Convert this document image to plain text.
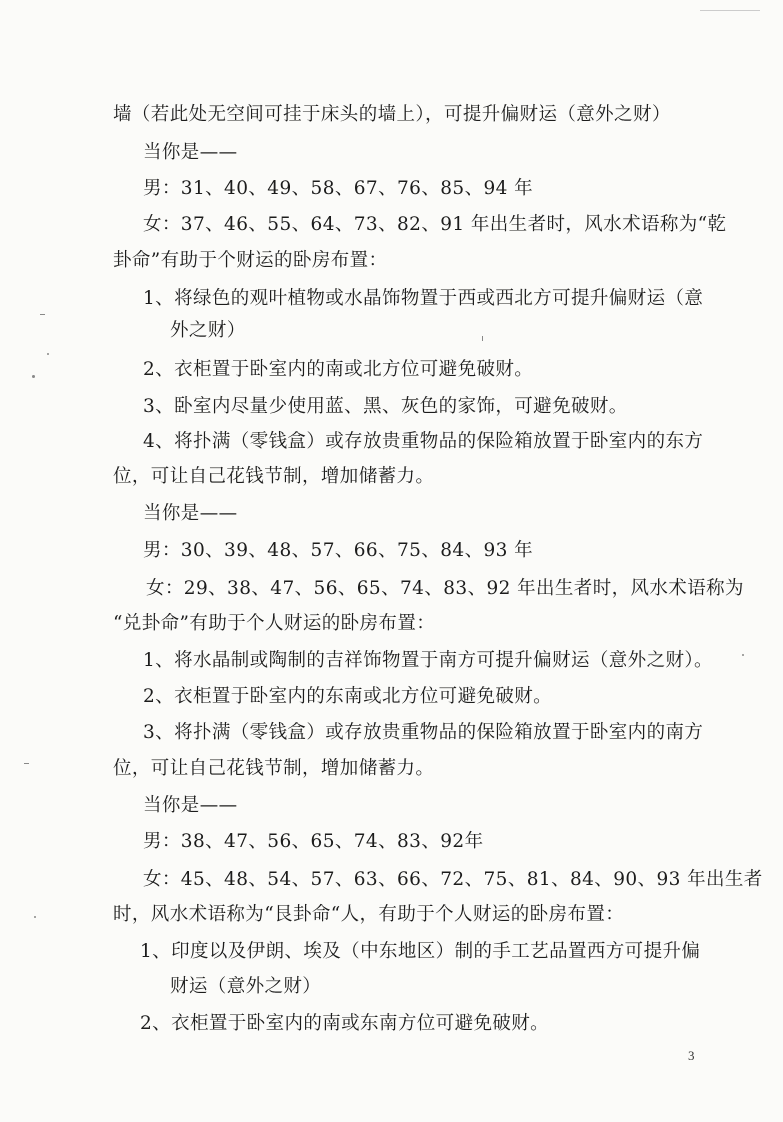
墙（若此处无空间可挂于床头的墙上），可提升偏财运（意外之财）
当你是——
男：31、40、49、58、67、76、85、94 年
女：37、46、55、64、73、82、91 年出生者时，风水术语称为“乾
卦命”有助于个财运的卧房布置：
1、将绿色的观叶植物或水晶饰物置于西或西北方可提升偏财运（意
外之财）
2、衣柜置于卧室内的南或北方位可避免破财。
3、卧室内尽量少使用蓝、黑、灰色的家饰，可避免破财。
4、将扑满（零钱盒）或存放贵重物品的保险箱放置于卧室内的东方
位，可让自己花钱节制，增加储蓄力。
当你是——
男：30、39、48、57、66、75、84、93 年
女：29、38、47、56、65、74、83、92 年出生者时，风水术语称为
“兑卦命”有助于个人财运的卧房布置：
1、将水晶制或陶制的吉祥饰物置于南方可提升偏财运（意外之财）。
2、衣柜置于卧室内的东南或北方位可避免破财。
3、将扑满（零钱盒）或存放贵重物品的保险箱放置于卧室内的南方
位，可让自己花钱节制，增加储蓄力。
当你是——
男：38、47、56、65、74、83、92年
女：45、48、54、57、63、66、72、75、81、84、90、93 年出生者
时，风水术语称为“艮卦命“人，有助于个人财运的卧房布置：
1、印度以及伊朗、埃及（中东地区）制的手工艺品置西方可提升偏
财运（意外之财）
2、衣柜置于卧室内的南或东南方位可避免破财。
3
